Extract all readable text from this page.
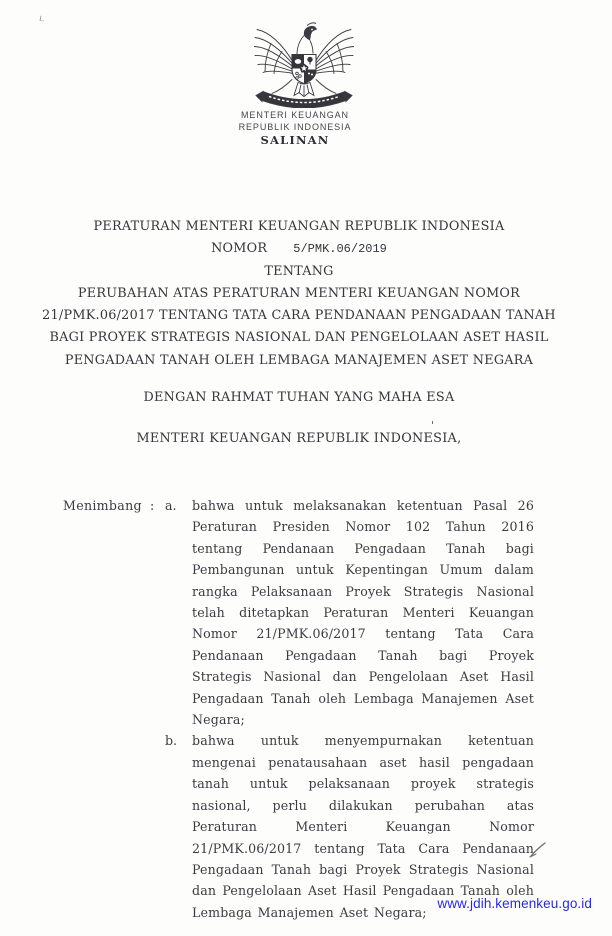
MENTERI KEUANGAN
REPUBLIK INDONESIA
SALINAN
PERATURAN MENTERI KEUANGAN REPUBLIK INDONESIA
NOMOR 5/PMK.06/2019
TENTANG
PERUBAHAN ATAS PERATURAN MENTERI KEUANGAN NOMOR
21/PMK.06/2017 TENTANG TATA CARA PENDANAAN PENGADAAN TANAH
BAGI PROYEK STRATEGIS NASIONAL DAN PENGELOLAAN ASET HASIL
PENGADAAN TANAH OLEH LEMBAGA MANAJEMEN ASET NEGARA
DENGAN RAHMAT TUHAN YANG MAHA ESA
'
MENTERI KEUANGAN REPUBLIK INDONESIA,
Menimbang : a.	bahwa untuk melaksanakan ketentuan Pasal 26 Peraturan Presiden Nomor 102 Tahun 2016 tentang Pendanaan Pengadaan Tanah bagi Pembangunan untuk Kepentingan Umum dalam rangka Pelaksanaan Proyek Strategis Nasional telah ditetapkan Peraturan Menteri Keuangan Nomor 21/PMK.06/2017 tentang Tata Cara Pendanaan Pengadaan Tanah bagi Proyek Strategis Nasional dan Pengelolaan Aset Hasil Pengadaan Tanah oleh Lembaga Manajemen Aset Negara;
b.	bahwa untuk menyempurnakan ketentuan mengenai penatausahaan aset hasil pengadaan tanah untuk pelaksanaan proyek strategis nasional, perlu dilakukan perubahan atas Peraturan Menteri Keuangan Nomor 21/PMK.06/2017 tentang Tata Cara Pendanaan Pengadaan Tanah bagi Proyek Strategis Nasional dan Pengelolaan Aset Hasil Pengadaan Tanah oleh Lembaga Manajemen Aset Negara;
www.jdih.kemenkeu.go.id
